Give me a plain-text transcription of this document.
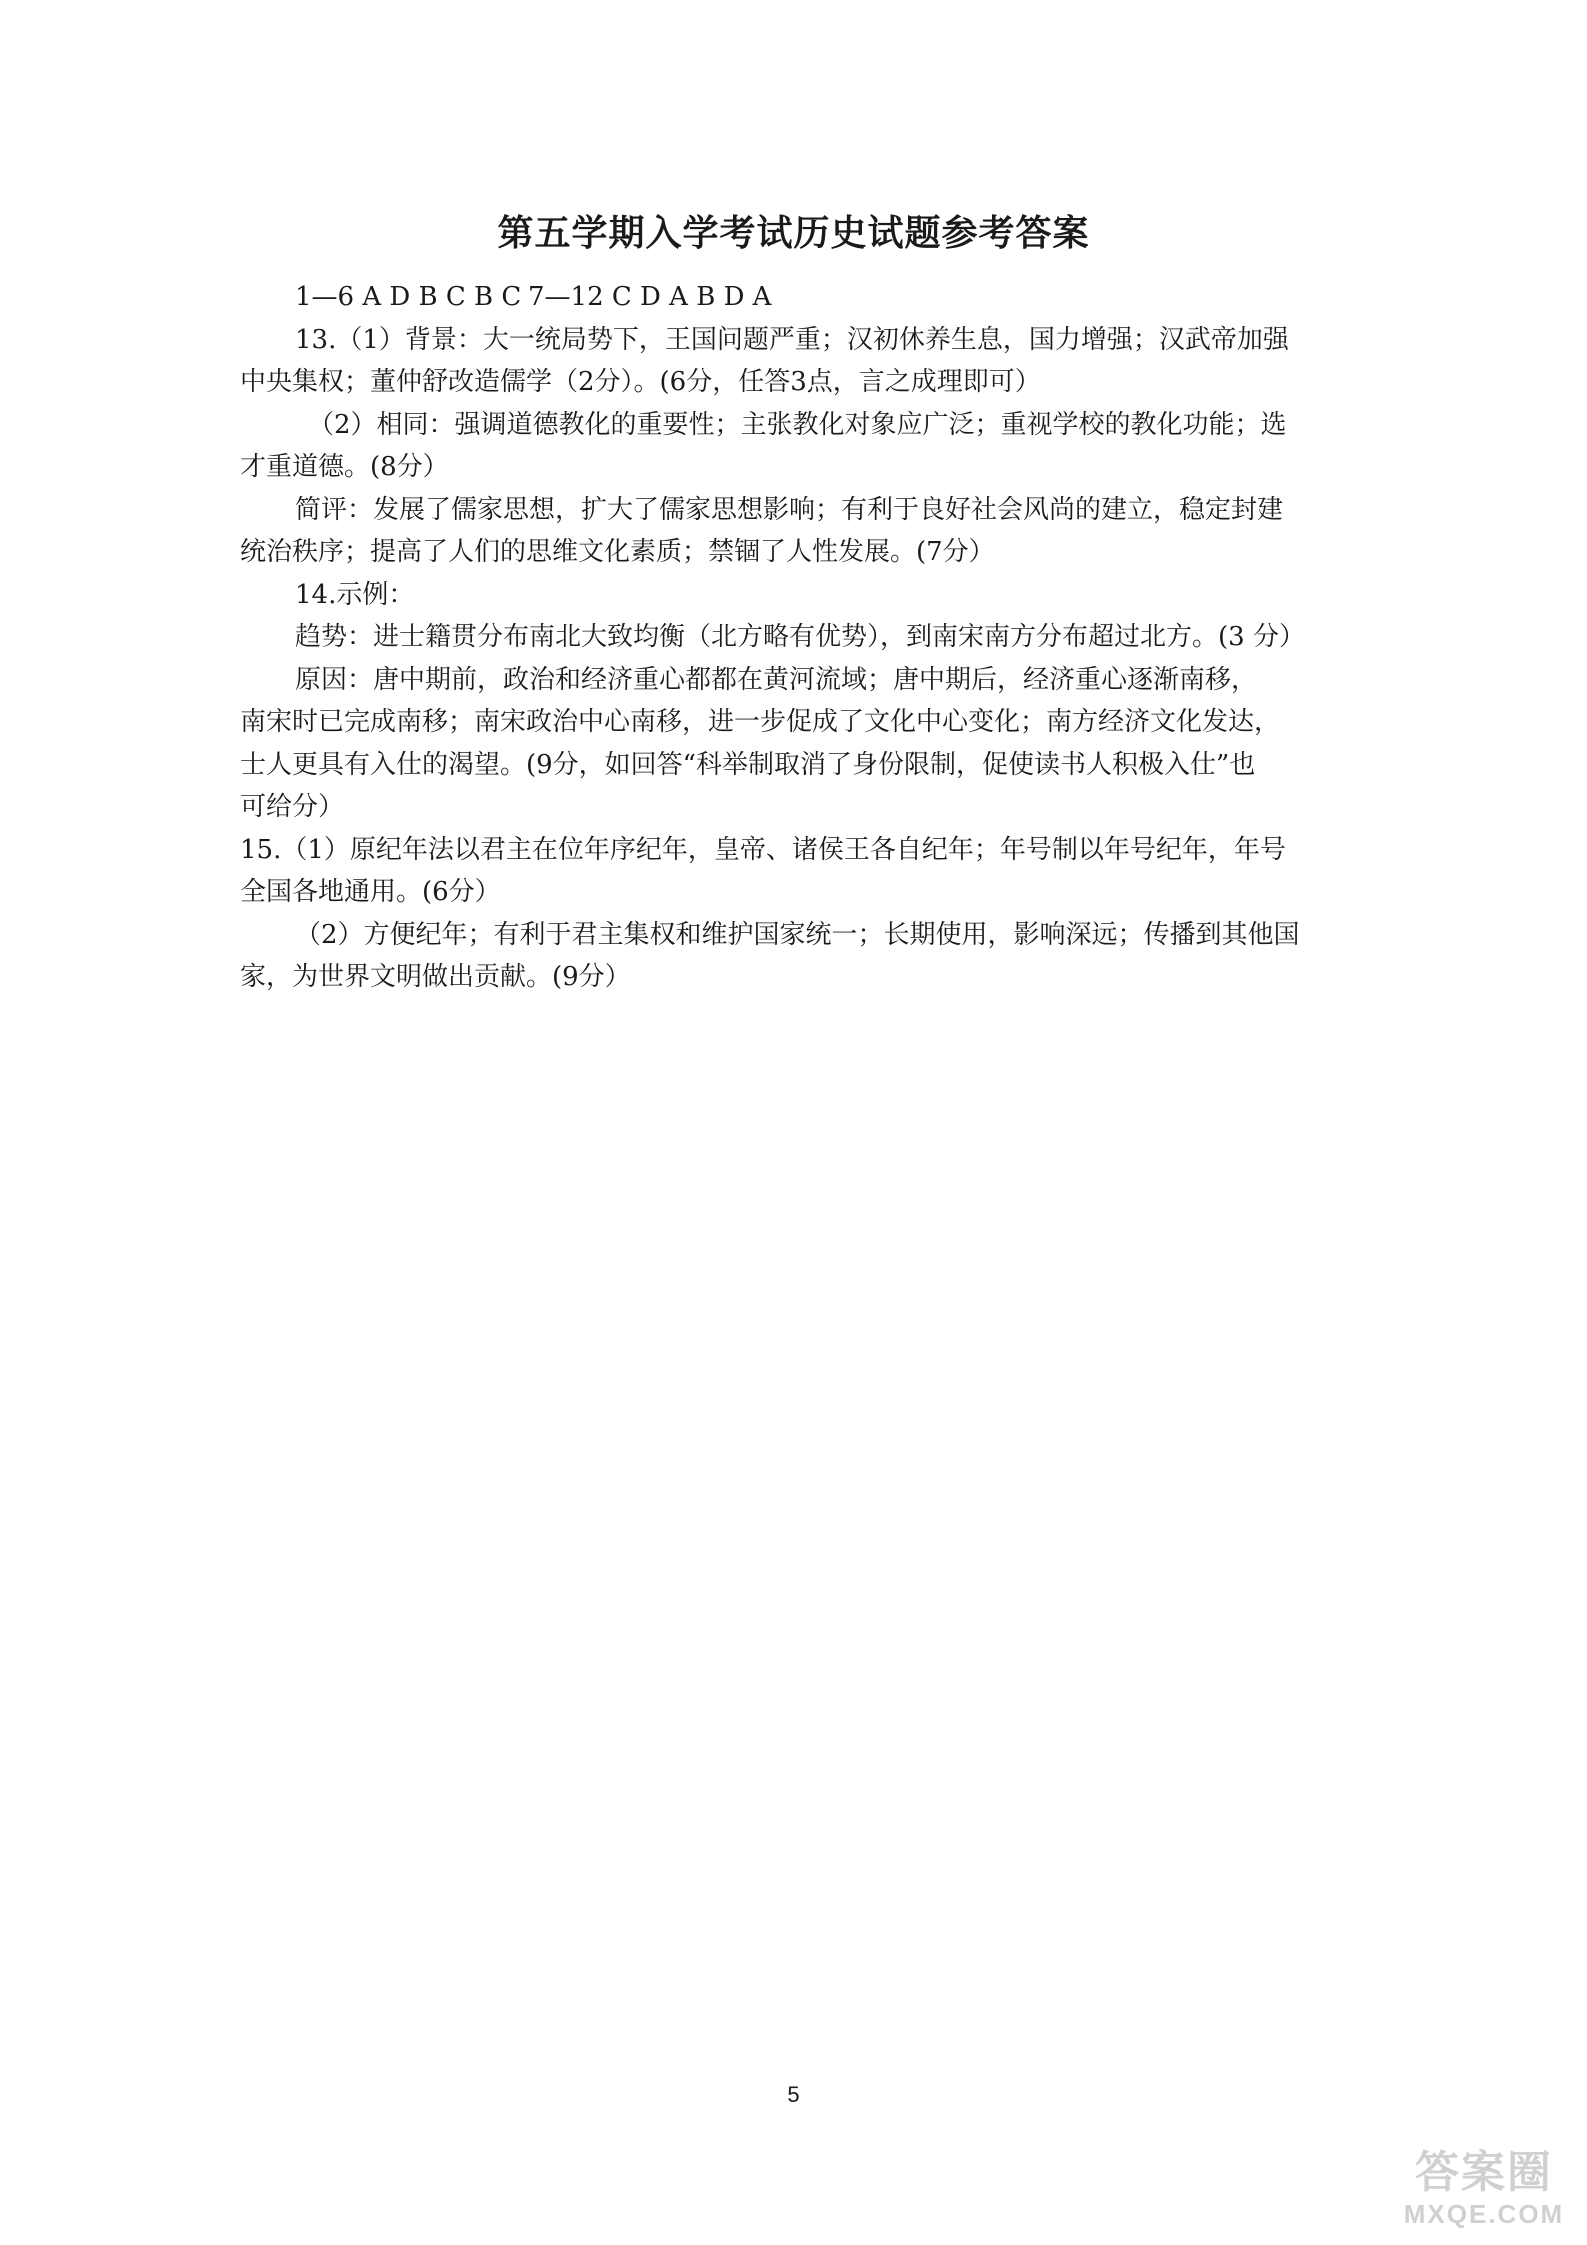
第五学期入学考试历史试题参考答案
1—6 A D B C B C 7—12 C D A B D A
13.（1）背景：大一统局势下，王国问题严重；汉初休养生息，国力增强；汉武帝加强
中央集权；董仲舒改造儒学（2分）。(6分，任答3点，言之成理即可）
（2）相同：强调道德教化的重要性；主张教化对象应广泛；重视学校的教化功能；选
才重道德。(8分）
简评：发展了儒家思想，扩大了儒家思想影响；有利于良好社会风尚的建立，稳定封建
统治秩序；提高了人们的思维文化素质；禁锢了人性发展。(7分）
14.示例：
趋势：进士籍贯分布南北大致均衡（北方略有优势），到南宋南方分布超过北方。(3 分）
原因：唐中期前，政治和经济重心都都在黄河流域；唐中期后，经济重心逐渐南移，
南宋时已完成南移；南宋政治中心南移，进一步促成了文化中心变化；南方经济文化发达，
士人更具有入仕的渴望。(9分，如回答“科举制取消了身份限制，促使读书人积极入仕”也
可给分）
15.（1）原纪年法以君主在位年序纪年，皇帝、诸侯王各自纪年；年号制以年号纪年，年号
全国各地通用。(6分）
（2）方便纪年；有利于君主集权和维护国家统一；长期使用，影响深远；传播到其他国
家，为世界文明做出贡献。(9分）
5
答案圈
MXQE.COM
